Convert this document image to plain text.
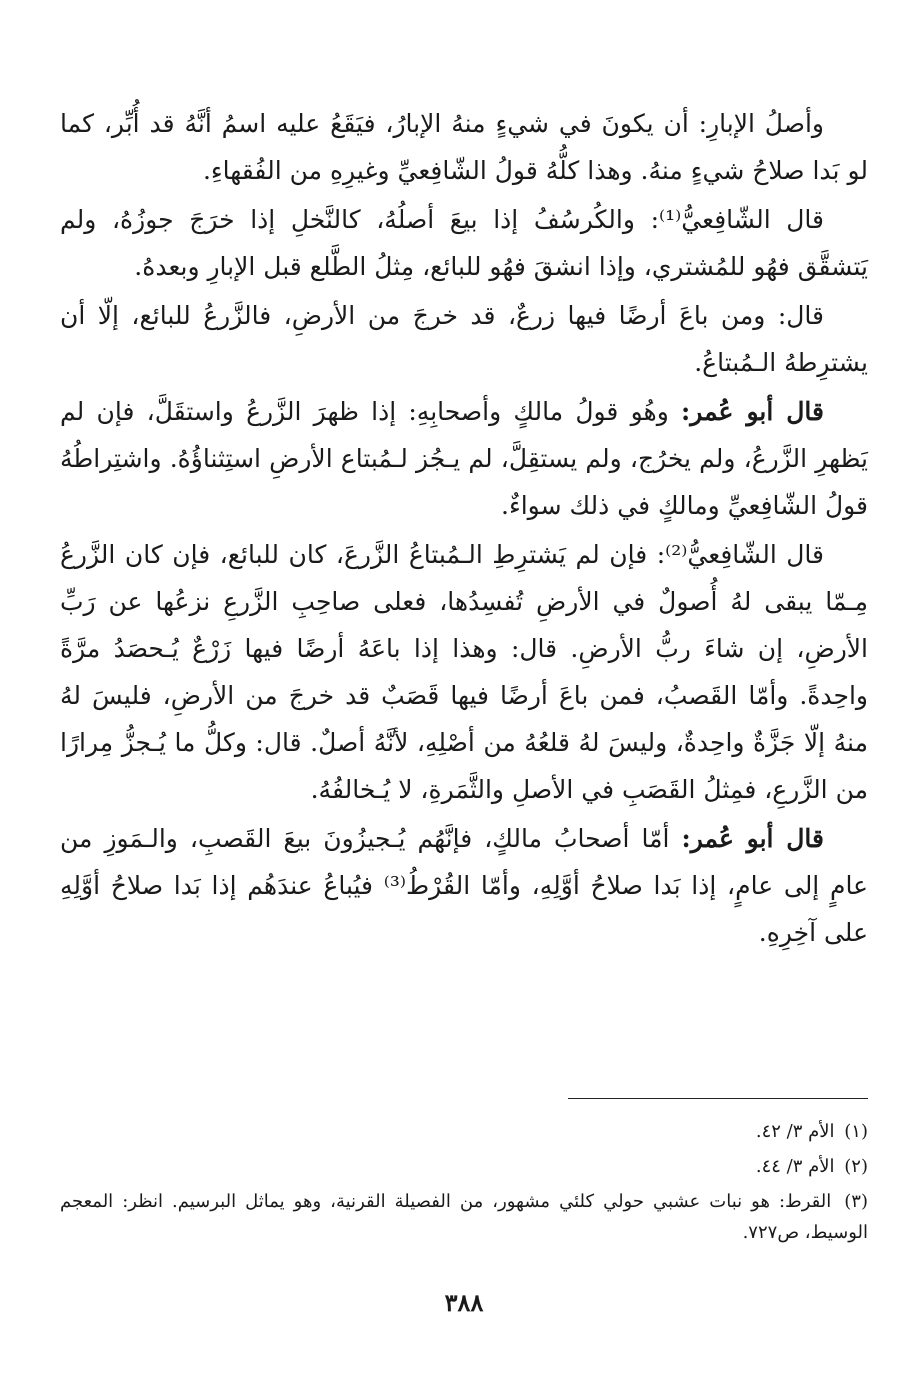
وأصلُ الإبارِ: أن يكونَ في شيءٍ منهُ الإبارُ، فيَقَعُ عليه اسمُ أنَّهُ قد أُبِّر، كما لو بَدا صلاحُ شيءٍ منهُ. وهذا كلُّهُ قولُ الشّافِعيِّ وغيرِهِ من الفُقهاءِ.

قال الشّافِعيُّ⁽¹⁾: والكُرسُفُ إذا بيعَ أصلُهُ، كالنَّخلِ إذا خرَجَ جوزُهُ، ولم يَتشقَّق فهُو للمُشتري، وإذا انشقَ فهُو للبائع، مِثلُ الطَّلع قبل الإبارِ وبعدهُ.

قال: ومن باعَ أرضًا فيها زرعٌ، قد خرجَ من الأرضِ، فالزَّرعُ للبائع، إلّا أن يشترِطهُ الـمُبتاعُ.

قال أبو عُمر: وهُو قولُ مالكٍ وأصحابِهِ: إذا ظهرَ الزَّرعُ واستقَلَّ، فإن لم يَظهرِ الزَّرعُ، ولم يخرُج، ولم يستقِلَّ، لم يـجُز لـمُبتاع الأرضِ استِثناؤُهُ. واشتِراطُهُ قولُ الشّافِعيِّ ومالكٍ في ذلك سواءٌ.

قال الشّافِعيُّ⁽²⁾: فإن لم يَشترِطِ الـمُبتاعُ الزَّرعَ، كان للبائع، فإن كان الزَّرعُ مِـمّا يبقى لهُ أُصولٌ في الأرضِ تُفسِدُها، فعلى صاحِبِ الزَّرعِ نزعُها عن رَبِّ الأرضِ، إن شاءَ ربُّ الأرضِ. قال: وهذا إذا باعَهُ أرضًا فيها زَرْعٌ يُـحصَدُ مرَّةً واحِدةً. وأمّا القَصبُ، فمن باعَ أرضًا فيها قَصَبٌ قد خرجَ من الأرضِ، فليسَ لهُ منهُ إلّا جَزَّةٌ واحِدةٌ، وليسَ لهُ قلعُهُ من أصْلِهِ، لأنَّهُ أصلٌ. قال: وكلُّ ما يُـجزُّ مِرارًا من الزَّرعِ، فمِثلُ القَصَبِ في الأصلِ والثَّمَرةِ، لا يُـخالفُهُ.

قال أبو عُمر: أمّا أصحابُ مالكٍ، فإنَّهُم يُـجيزُونَ بيعَ القَصبِ، والـمَوزِ من عامٍ إلى عامٍ، إذا بَدا صلاحُ أوَّلِهِ، وأمّا القُرْطُ⁽³⁾ فيُباعُ عندَهُم إذا بَدا صلاحُ أوَّلِهِ على آخِرِهِ.

(١) الأم ٣/ ٤٢.

(٢) الأم ٣/ ٤٤.

(٣) القرط: هو نبات عشبي حولي كلئي مشهور، من الفصيلة القرنية، وهو يماثل البرسيم. انظر: المعجم الوسيط، ص٧٢٧.

٣٨٨
